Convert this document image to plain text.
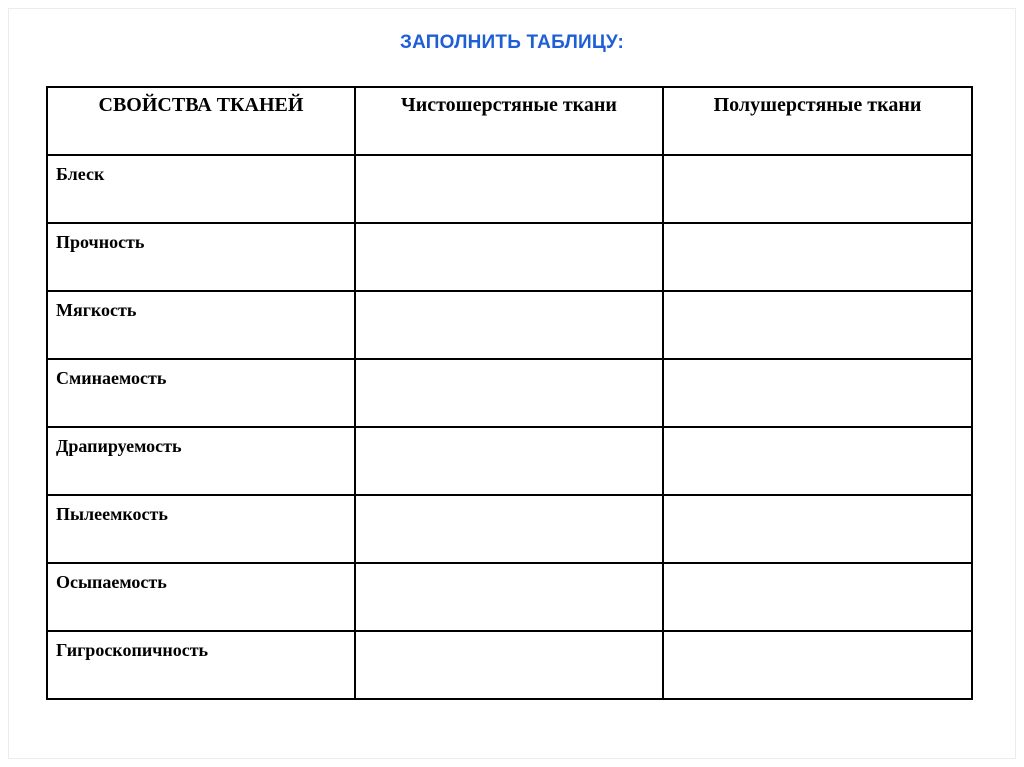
ЗАПОЛНИТЬ ТАБЛИЦУ:
СВОЙСТВА ТКАНЕЙ	Чистошерстяные ткани	Полушерстяные ткани
Блеск		
Прочность		
Мягкость		
Сминаемость		
Драпируемость		
Пылеемкость		
Осыпаемость		
Гигроскопичность		
